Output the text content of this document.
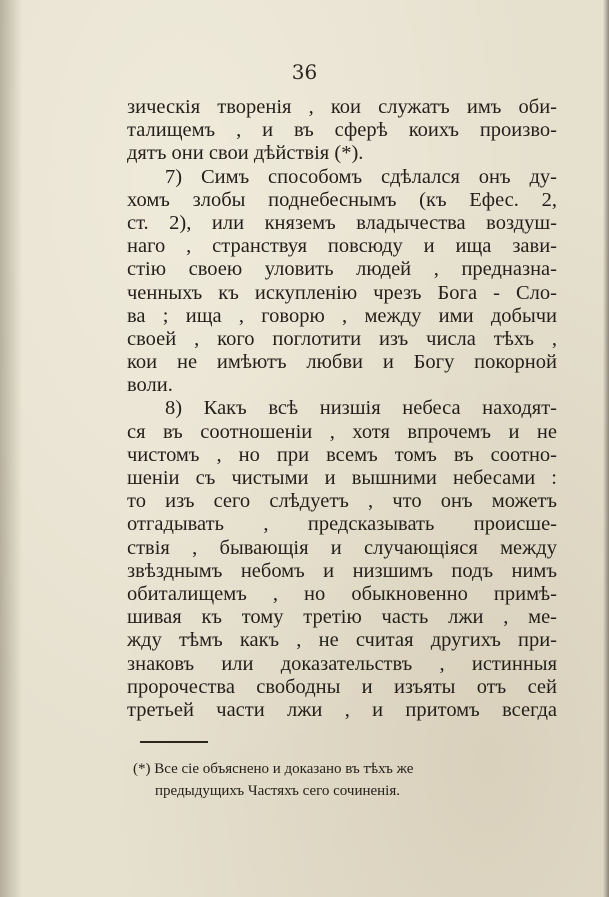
36
зическія творенія , кои служатъ имъ оби-
талищемъ , и въ сферѣ коихъ произво-
дятъ они свои дѣйствія (*).
7) Симъ способомъ сдѣлался онъ ду-
хомъ злобы поднебеснымъ (къ Ефес. 2,
ст. 2), или княземъ владычества воздуш-
наго , странствуя повсюду и ища зави-
стію своею уловить людей , предназна-
ченныхъ къ искупленію чрезъ Бога - Сло-
ва ; ища , говорю , между ими добычи
своей , кого поглотити изъ числа тѣхъ ,
кои не имѣютъ любви и Богу покорной
воли.
8) Какъ всѣ низшія небеса находят-
ся въ соотношеніи , хотя впрочемъ и не
чистомъ , но при всемъ томъ въ соотно-
шеніи съ чистыми и вышними небесами :
то изъ сего слѣдуетъ , что онъ можетъ
отгадывать , предсказывать происше-
ствія , бывающія и случающіяся между
звѣзднымъ небомъ и низшимъ подъ нимъ
обиталищемъ , но обыкновенно примѣ-
шивая къ тому третію часть лжи , ме-
жду тѣмъ какъ , не считая другихъ при-
знаковъ или доказательствъ , истинныя
пророчества свободны и изъяты отъ сей
третьей части лжи , и притомъ всегда
(*) Все сіе объяснено и доказано въ тѣхъ же
предыдущихъ Частяхъ сего сочиненія.
